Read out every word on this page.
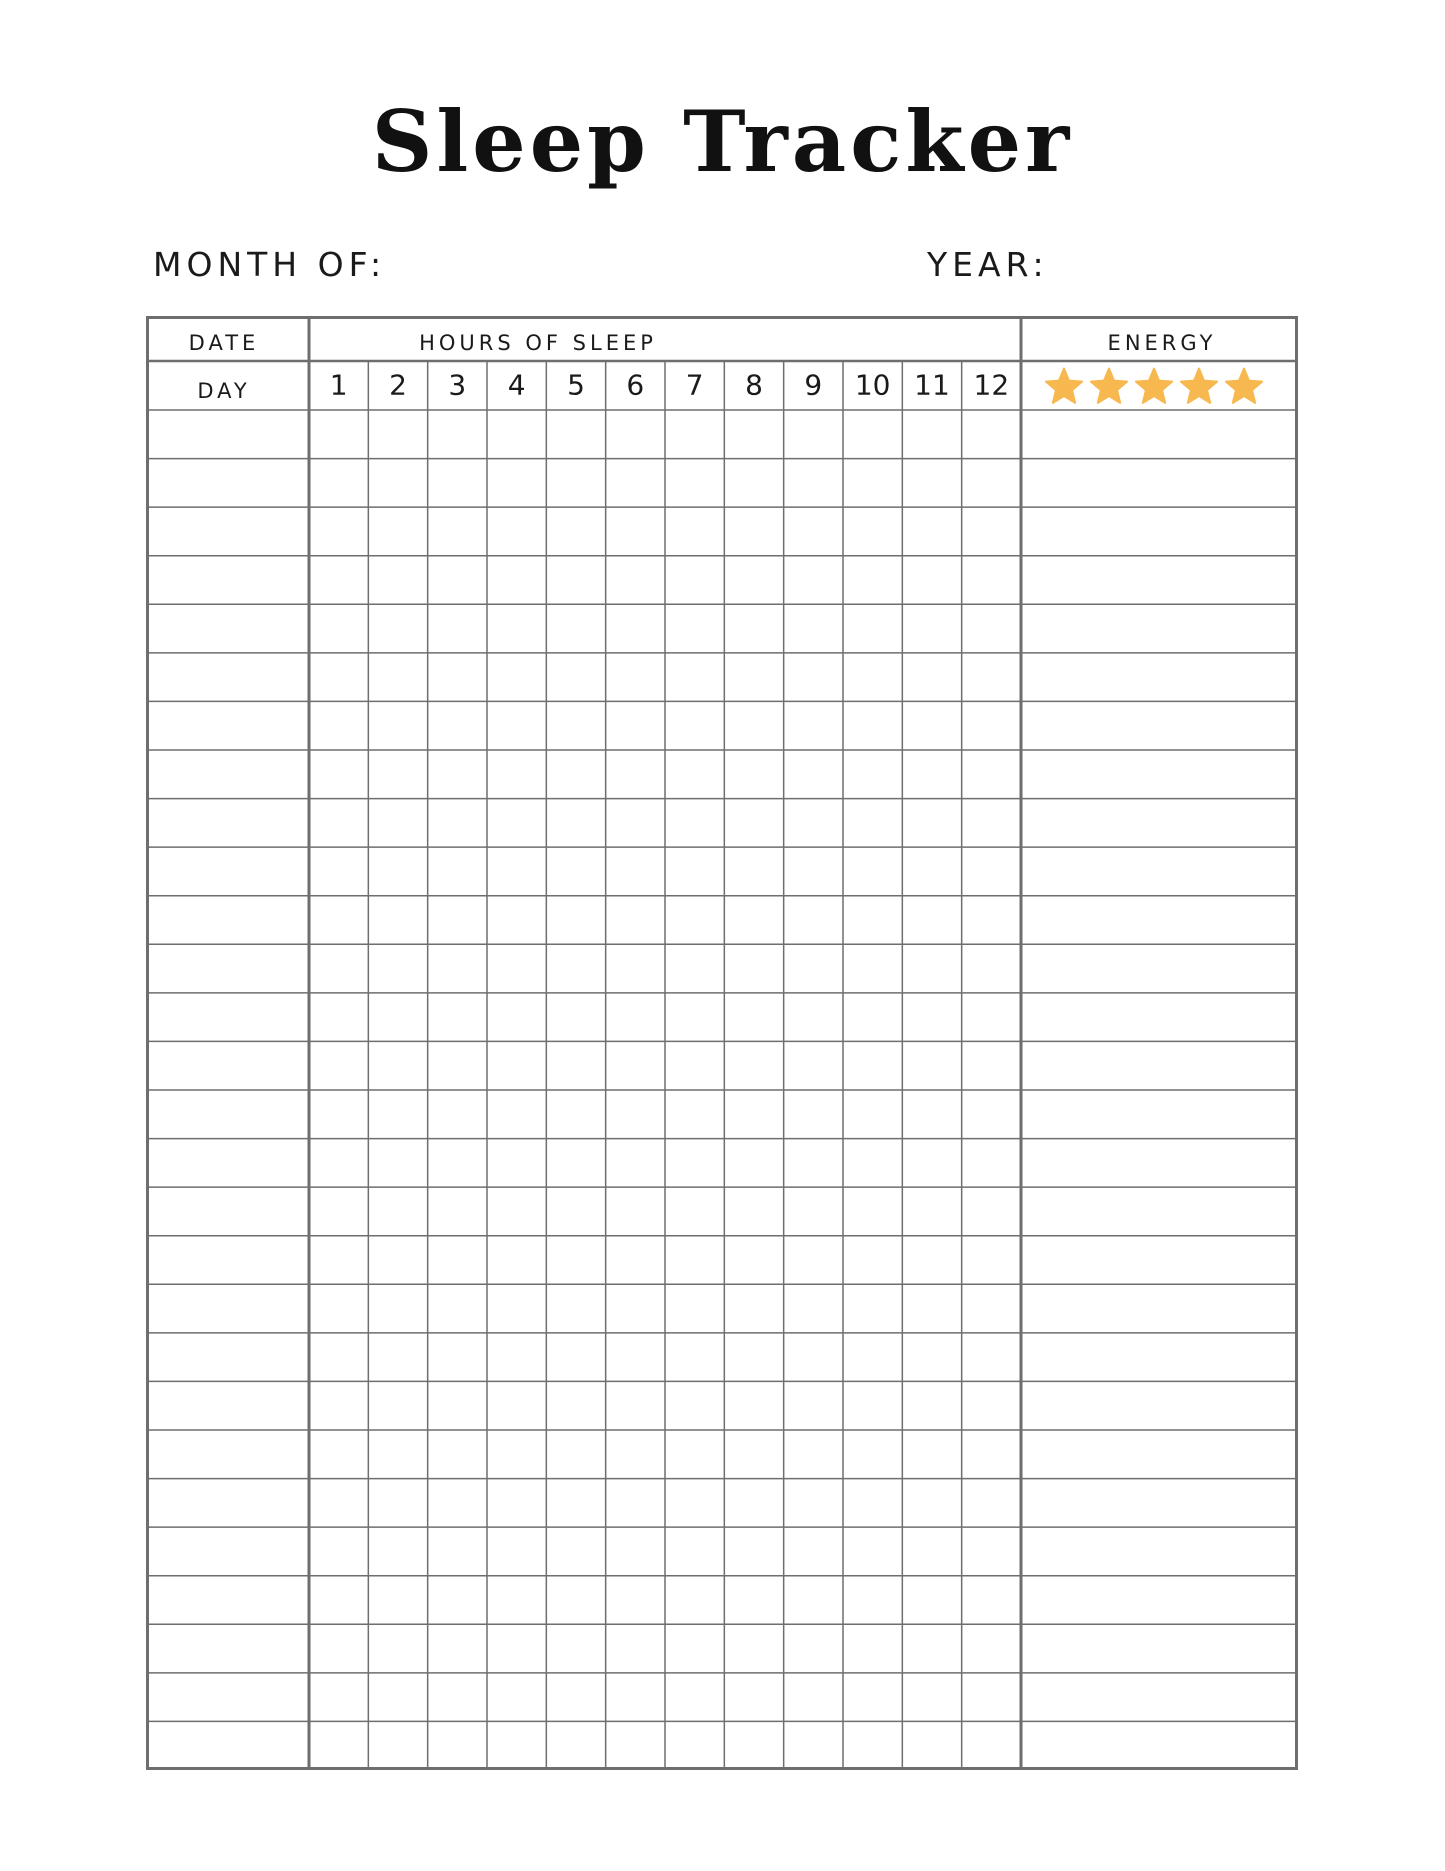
Sleep Tracker
MONTH OF:	YEAR:
DATE	HOURS OF SLEEP	ENERGY
DAY	1 2 3 4 5 6 7 8 9 10 11 12
